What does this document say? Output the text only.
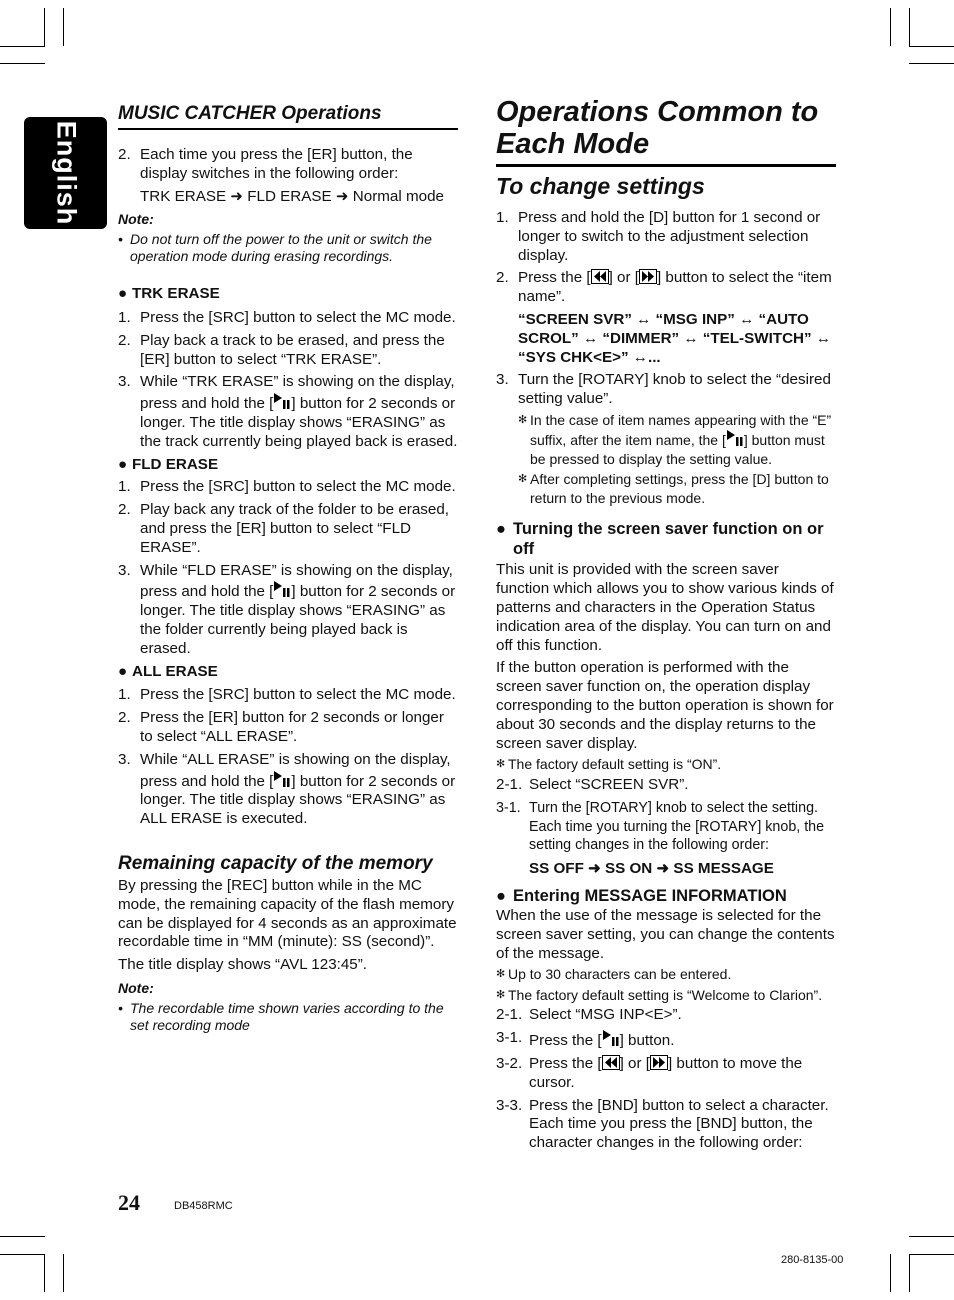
English
MUSIC CATCHER Operations
2. Each time you press the [ER] button, the display switches in the following order:

TRK ERASE ➜ FLD ERASE ➜ Normal mode

Note:
• Do not turn off the power to the unit or switch the operation mode during erasing recordings.
● TRK ERASE
1. Press the [SRC] button to select the MC mode.

2. Play back a track to be erased, and press the [ER] button to select “TRK ERASE”.

3. While “TRK ERASE” is showing on the display, press and hold the [ ] button for 2 seconds or longer. The title display shows “ERASING” as the track currently being played back is erased.

● FLD ERASE
1. Press the [SRC] button to select the MC mode.

2. Play back any track of the folder to be erased, and press the [ER] button to select “FLD ERASE”.

3. While “FLD ERASE” is showing on the display, press and hold the [ ] button for 2 seconds or longer. The title display shows “ERASING” as the folder currently being played back is erased.

● ALL ERASE
1. Press the [SRC] button to select the MC mode.

2. Press the [ER] button for 2 seconds or longer to select “ALL ERASE”.

3. While “ALL ERASE” is showing on the display, press and hold the [ ] button for 2 seconds or longer. The title display shows “ERASING” as ALL ERASE is executed.

Remaining capacity of the memory

By pressing the [REC] button while in the MC mode, the remaining capacity of the flash memory can be displayed for 4 seconds as an approximate recordable time in “MM (minute): SS (second)”.

The title display shows “AVL 123:45”.

Note:
• The recordable time shown varies according to the set recording mode
Operations Common to
Each Mode
To change settings
1. Press and hold the [D] button for 1 second or longer to switch to the adjustment selection display.

2. Press the [ ] or [ ] button to select the “item name”.

“SCREEN SVR” ↔ “MSG INP” ↔ “AUTO SCROL” ↔ “DIMMER” ↔ “TEL-SWITCH” ↔ “SYS CHK<E>” ↔...

3. Turn the [ROTARY] knob to select the “desired setting value”.

✻ In the case of item names appearing with the “E” suffix, after the item name, the [ ] button must be pressed to display the setting value.
✻ After completing settings, press the [D] button to return to the previous mode.
● Turning the screen saver function on or off

This unit is provided with the screen saver function which allows you to show various kinds of patterns and characters in the Operation Status indication area of the display. You can turn on and off this function.

If the button operation is performed with the screen saver function on, the operation display corresponding to the button operation is shown for about 30 seconds and the display returns to the screen saver display.

✻ The factory default setting is “ON”.
2-1. Select “SCREEN SVR”.

3-1. Turn the [ROTARY] knob to select the setting. Each time you turning the [ROTARY] knob, the setting changes in the following order:

SS OFF ➜ SS ON ➜ SS MESSAGE

● Entering MESSAGE INFORMATION

When the use of the message is selected for the screen saver setting, you can change the contents of the message.

✻ Up to 30 characters can be entered.
✻ The factory default setting is “Welcome to Clarion”.
2-1. Select “MSG INP<E>”.

3-1. Press the [ ] button.

3-2. Press the [ ] or [ ] button to move the cursor.

3-3. Press the [BND] button to select a character. Each time you press the [BND] button, the character changes in the following order:

24	DB458RMC
280-8135-00
